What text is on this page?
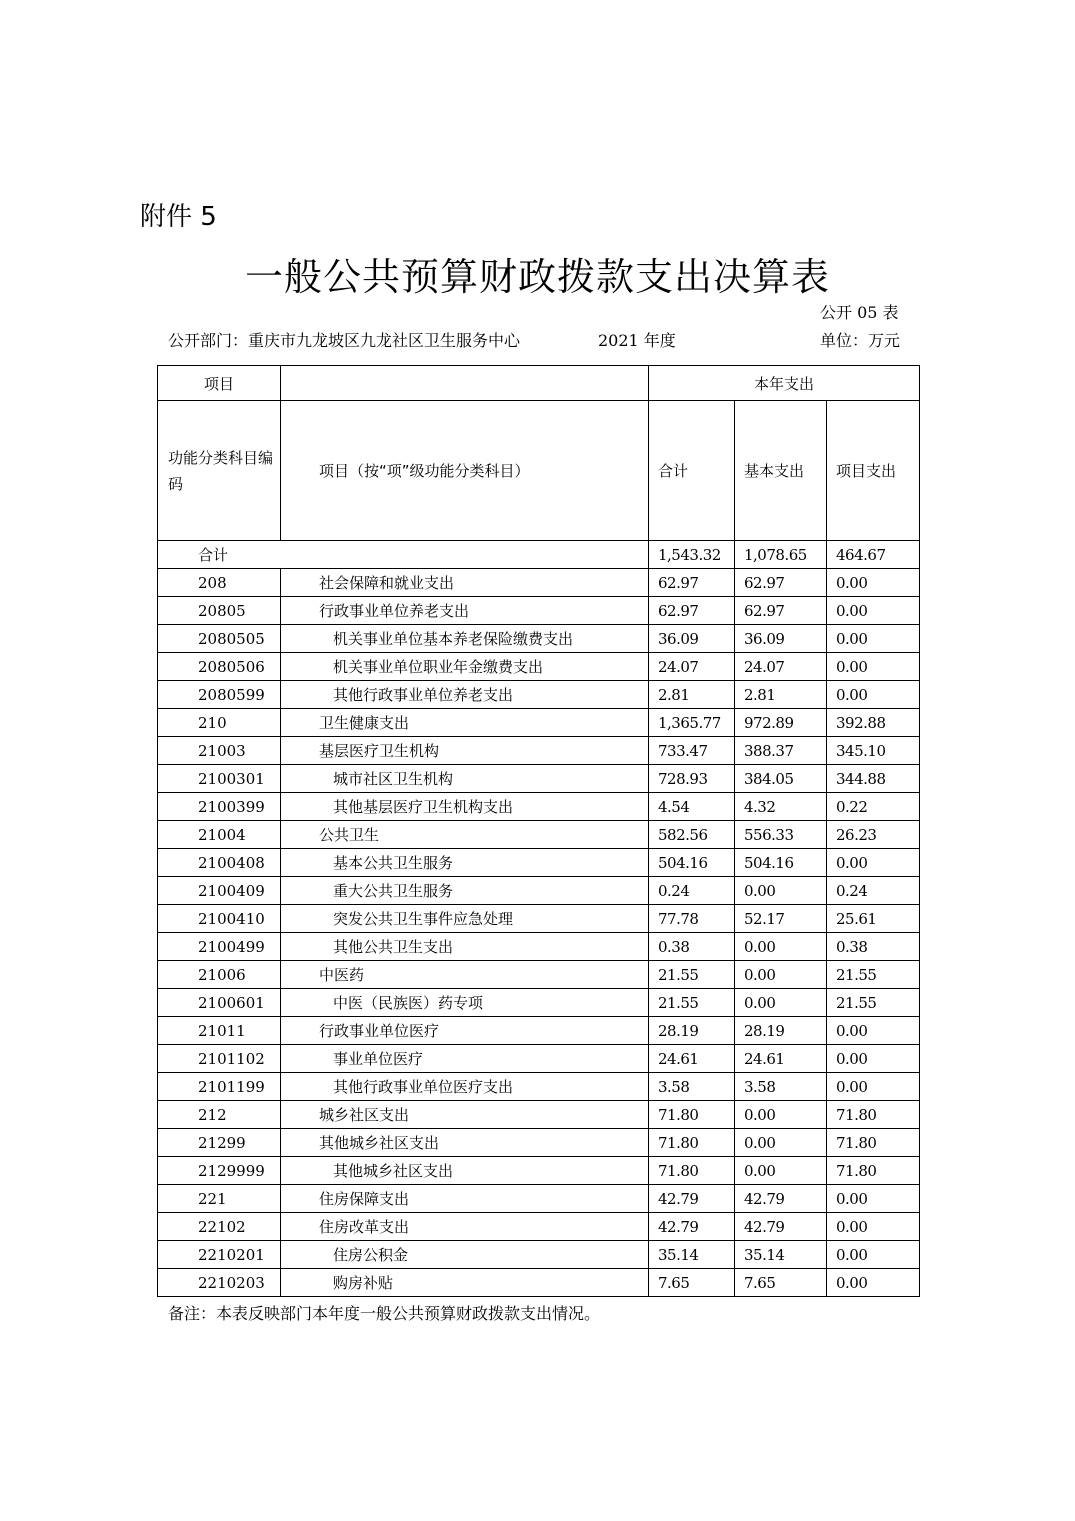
附件 5
一般公共预算财政拨款支出决算表
公开 05 表
公开部门：重庆市九龙坡区九龙社区卫生服务中心	2021 年度	单位：万元
项目		本年支出		
功能分类科目编码	项目（按“项”级功能分类科目）	合计	基本支出	项目支出
合计		1,543.32	1,078.65	464.67
208	社会保障和就业支出	62.97	62.97	0.00
20805	行政事业单位养老支出	62.97	62.97	0.00
2080505	机关事业单位基本养老保险缴费支出	36.09	36.09	0.00
2080506	机关事业单位职业年金缴费支出	24.07	24.07	0.00
2080599	其他行政事业单位养老支出	2.81	2.81	0.00
210	卫生健康支出	1,365.77	972.89	392.88
21003	基层医疗卫生机构	733.47	388.37	345.10
2100301	城市社区卫生机构	728.93	384.05	344.88
2100399	其他基层医疗卫生机构支出	4.54	4.32	0.22
21004	公共卫生	582.56	556.33	26.23
2100408	基本公共卫生服务	504.16	504.16	0.00
2100409	重大公共卫生服务	0.24	0.00	0.24
2100410	突发公共卫生事件应急处理	77.78	52.17	25.61
2100499	其他公共卫生支出	0.38	0.00	0.38
21006	中医药	21.55	0.00	21.55
2100601	中医（民族医）药专项	21.55	0.00	21.55
21011	行政事业单位医疗	28.19	28.19	0.00
2101102	事业单位医疗	24.61	24.61	0.00
2101199	其他行政事业单位医疗支出	3.58	3.58	0.00
212	城乡社区支出	71.80	0.00	71.80
21299	其他城乡社区支出	71.80	0.00	71.80
2129999	其他城乡社区支出	71.80	0.00	71.80
221	住房保障支出	42.79	42.79	0.00
22102	住房改革支出	42.79	42.79	0.00
2210201	住房公积金	35.14	35.14	0.00
2210203	购房补贴	7.65	7.65	0.00
备注：本表反映部门本年度一般公共预算财政拨款支出情况。
